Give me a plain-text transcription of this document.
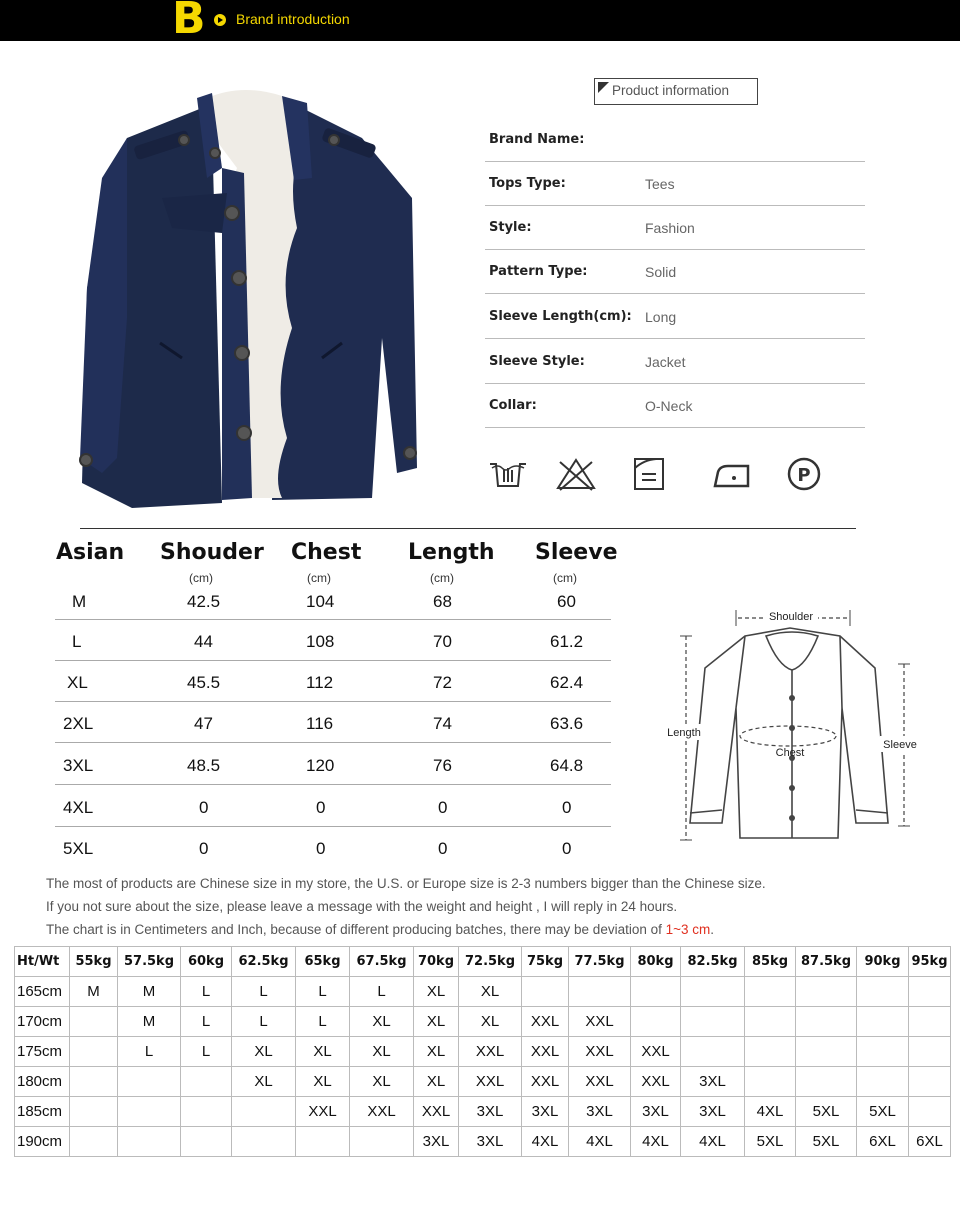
B Brand introduction
Product information
Brand Name:
Tops Type:	Tees
Style:	Fashion
Pattern Type:	Solid
Sleeve Length(cm): Long
Sleeve Style:	Jacket
Collar:	O-Neck
P
Asian Shouder Chest Length Sleeve
(cm)	(cm)	(cm)	(cm)
M	42.5	104	68	60
L	44	108	70	61.2
XL	45.5	112	72	62.4
2XL	47	116	74	63.6
3XL	48.5	120	76	64.8
4XL	0	0	0	0
5XL	0	0	0	0
Shoulder
Length
Chest
Sleeve
The most of products are Chinese size in my store, the U.S. or Europe size is 2-3 numbers bigger than the Chinese size.
If you not sure about the size, please leave a message with the weight and height , I will reply in 24 hours.
The chart is in Centimeters and Inch, because of different producing batches, there may be deviation of 1~3 cm.
Ht/Wt	55kg	57.5kg	60kg	62.5kg	65kg	67.5kg	70kg	72.5kg	75kg	77.5kg	80kg	82.5kg	85kg	87.5kg	90kg	95kg
165cm	M	M	L	L	L	L	XL	XL								
170cm		M	L	L	L	XL	XL	XL	XXL	XXL						
175cm		L	L	XL	XL	XL	XL	XXL	XXL	XXL	XXL					
180cm				XL	XL	XL	XL	XXL	XXL	XXL	XXL	3XL				
185cm					XXL	XXL	XXL	3XL	3XL	3XL	3XL	3XL	4XL	5XL	5XL	
190cm							3XL	3XL	4XL	4XL	4XL	4XL	5XL	5XL	6XL	6XL
